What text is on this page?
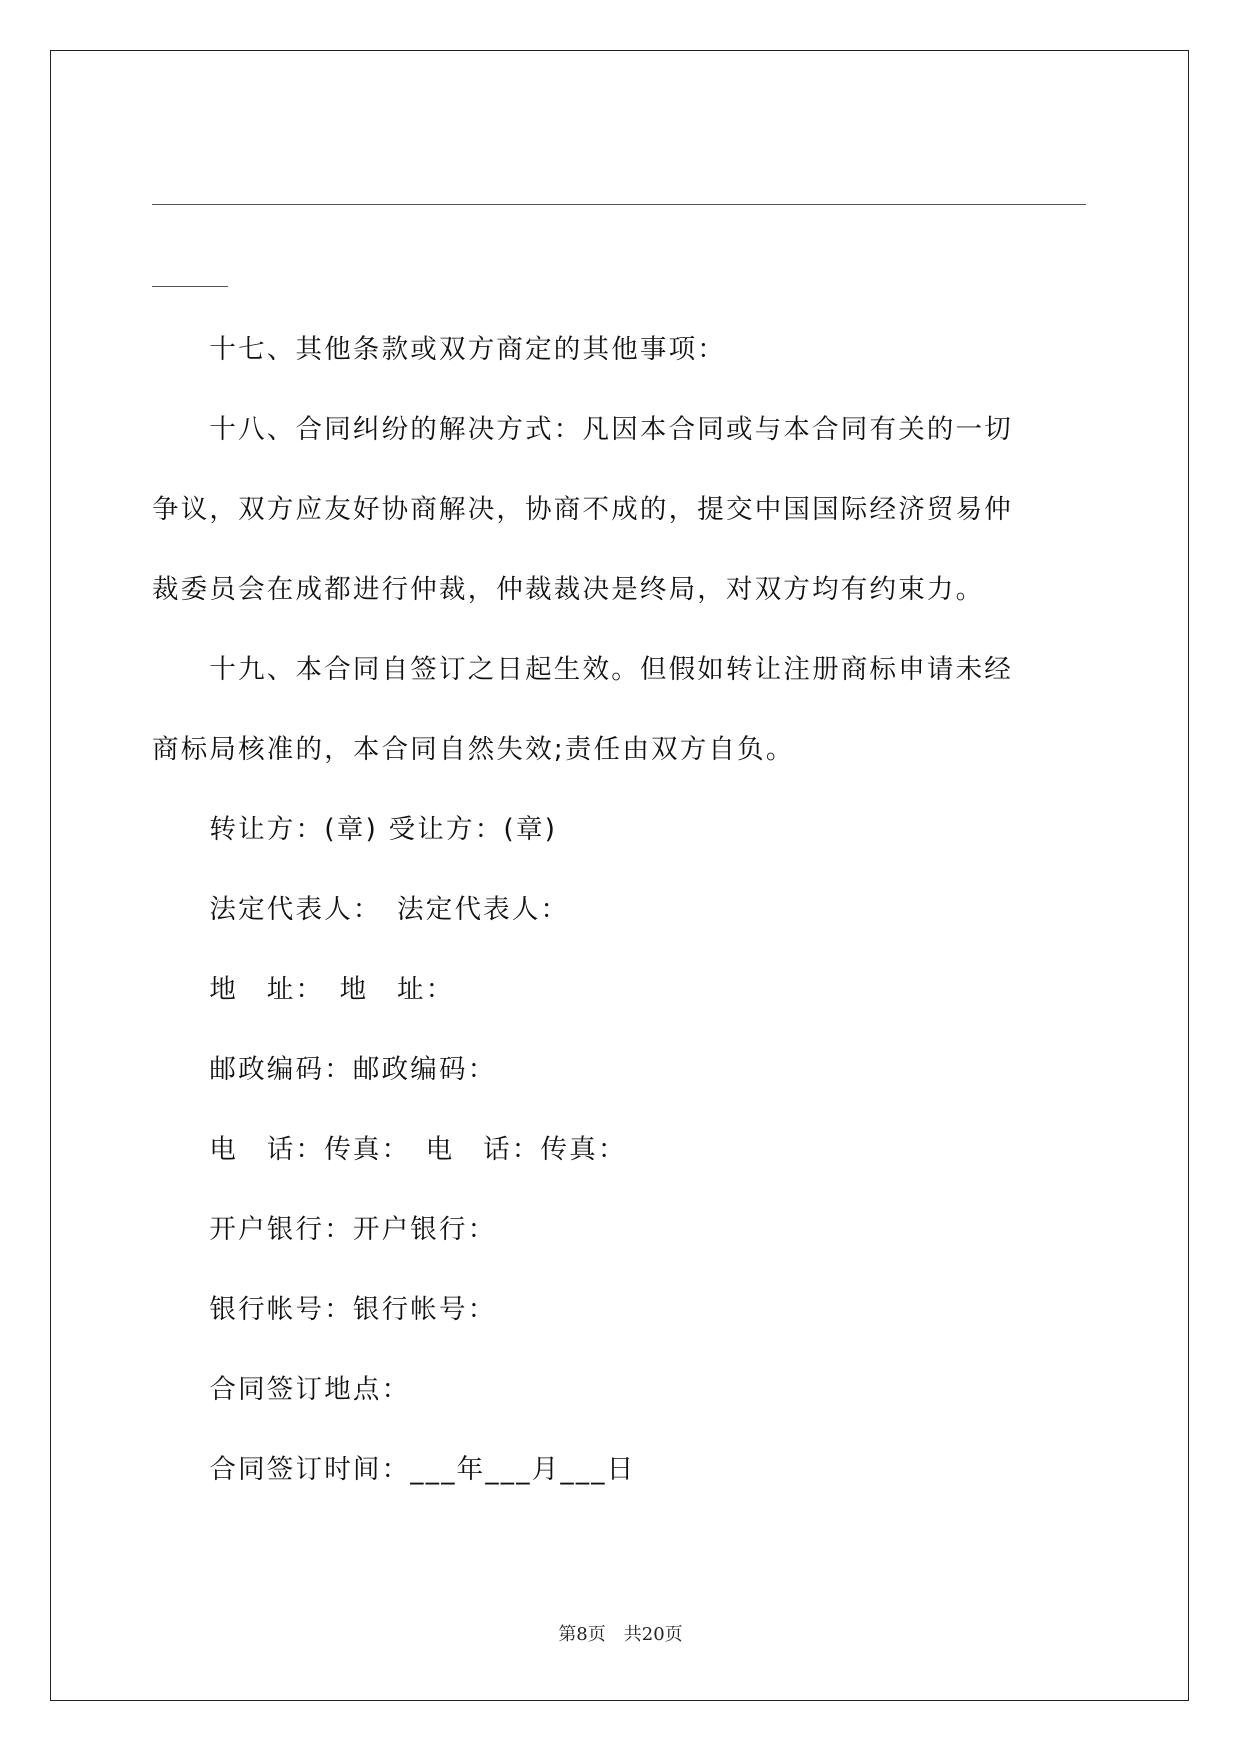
　　十七、其他条款或双方商定的其他事项：

　　十八、合同纠纷的解决方式：凡因本合同或与本合同有关的一切

争议，双方应友好协商解决，协商不成的，提交中国国际经济贸易仲

裁委员会在成都进行仲裁，仲裁裁决是终局，对双方均有约束力。

　　十九、本合同自签订之日起生效。但假如转让注册商标申请未经

商标局核准的，本合同自然失效;责任由双方自负。

　　转让方：(章) 受让方：(章)

　　法定代表人：　法定代表人：

　　地　址：　地　址：

　　邮政编码：邮政编码：

　　电　话：传真：　电　话：传真：

　　开户银行：开户银行：

　　银行帐号：银行帐号：

　　合同签订地点：

　　合同签订时间：___年___月___日

第8页　共20页
